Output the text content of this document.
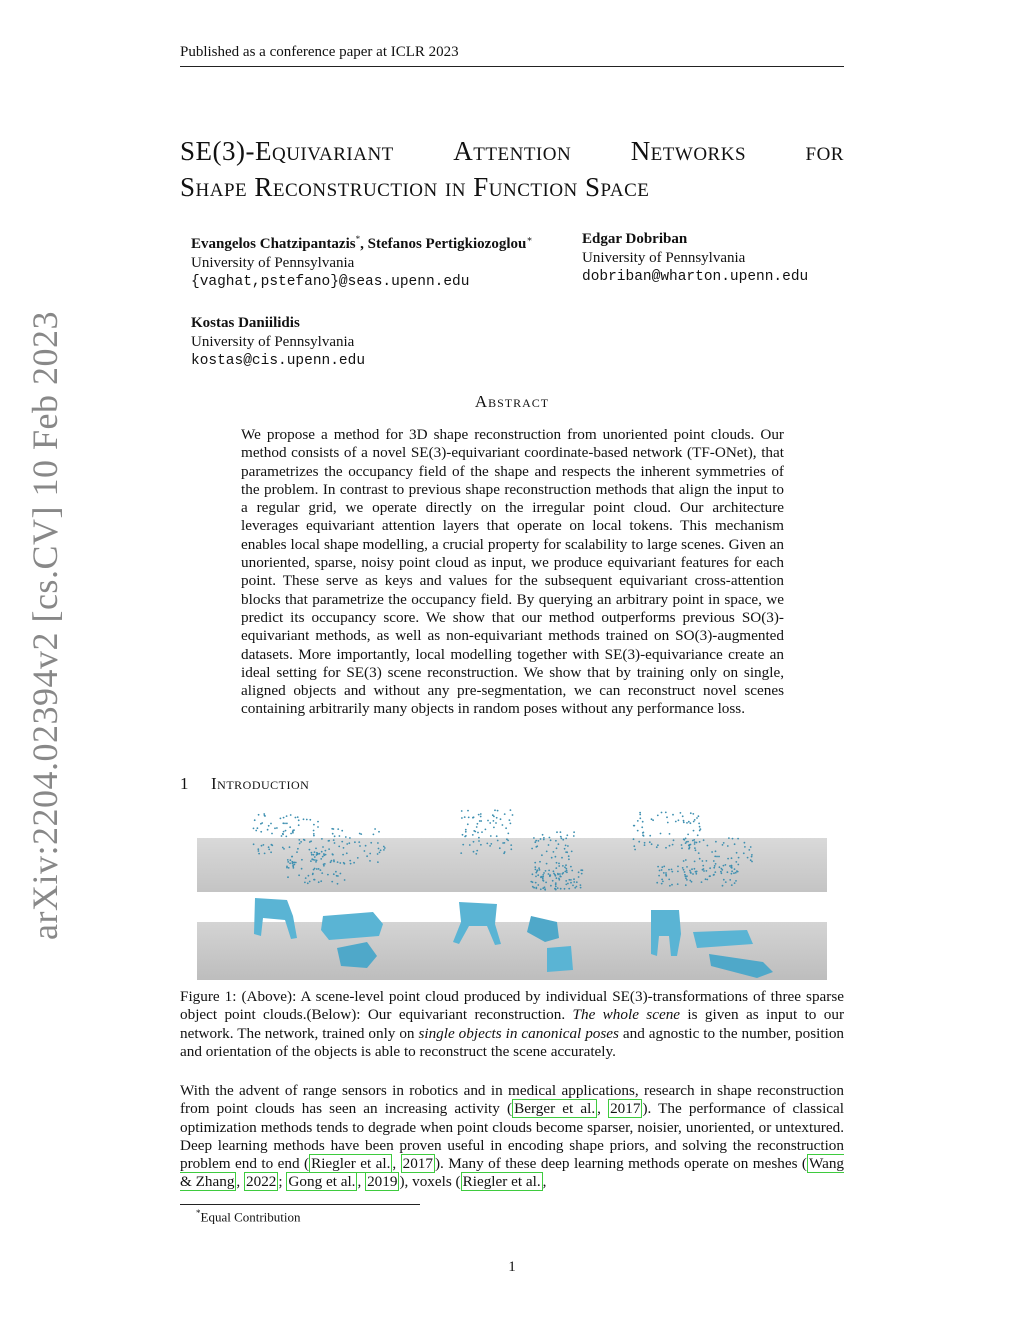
Published as a conference paper at ICLR 2023
SE(3)-Equivariant Attention Networks for
Shape Reconstruction in Function Space
Evangelos Chatzipantazis*, Stefanos Pertigkiozoglou∗
University of Pennsylvania
{vaghat,pstefano}@seas.upenn.edu
Edgar Dobriban
University of Pennsylvania
dobriban@wharton.upenn.edu
Kostas Daniilidis
University of Pennsylvania
kostas@cis.upenn.edu
Abstract
We propose a method for 3D shape reconstruction from unoriented point clouds. Our method consists of a novel SE(3)-equivariant coordinate-based network (TF-ONet), that parametrizes the occupancy field of the shape and respects the inherent symmetries of the problem. In contrast to previous shape reconstruction methods that align the input to a regular grid, we operate directly on the irregular point cloud. Our architecture leverages equivariant attention layers that operate on local tokens. This mechanism enables local shape modelling, a crucial property for scalability to large scenes. Given an unoriented, sparse, noisy point cloud as input, we produce equivariant features for each point. These serve as keys and values for the subsequent equivariant cross-attention blocks that parametrize the occupancy field. By querying an arbitrary point in space, we predict its occupancy score. We show that our method outperforms previous SO(3)-equivariant methods, as well as non-equivariant methods trained on SO(3)-augmented datasets. More importantly, local modelling together with SE(3)-equivariance create an ideal setting for SE(3) scene reconstruction. We show that by training only on single, aligned objects and without any pre-segmentation, we can reconstruct novel scenes containing arbitrarily many objects in random poses without any performance loss.
arXiv:2204.02394v2 [cs.CV] 10 Feb 2023	1 Introduction
Figure 1: (Above): A scene-level point cloud produced by individual SE(3)-transformations of three sparse object point clouds.(Below): Our equivariant reconstruction. The whole scene is given as input to our network. The network, trained only on single objects in canonical poses and agnostic to the number, position and orientation of the objects is able to reconstruct the scene accurately.
With the advent of range sensors in robotics and in medical applications, research in shape reconstruction from point clouds has seen an increasing activity ( Berger et al. , 2017 ). The performance of classical optimization methods tends to degrade when point clouds become sparser, noisier, unoriented, or untextured. Deep learning methods have been proven useful in encoding shape priors, and solving the reconstruction problem end to end ( Riegler et al. , 2017 ). Many of these deep learning methods operate on meshes ( Wang & Zhang , 2022 ; Gong et al. , 2019 ), voxels ( Riegler et al. ,
*Equal Contribution
1
